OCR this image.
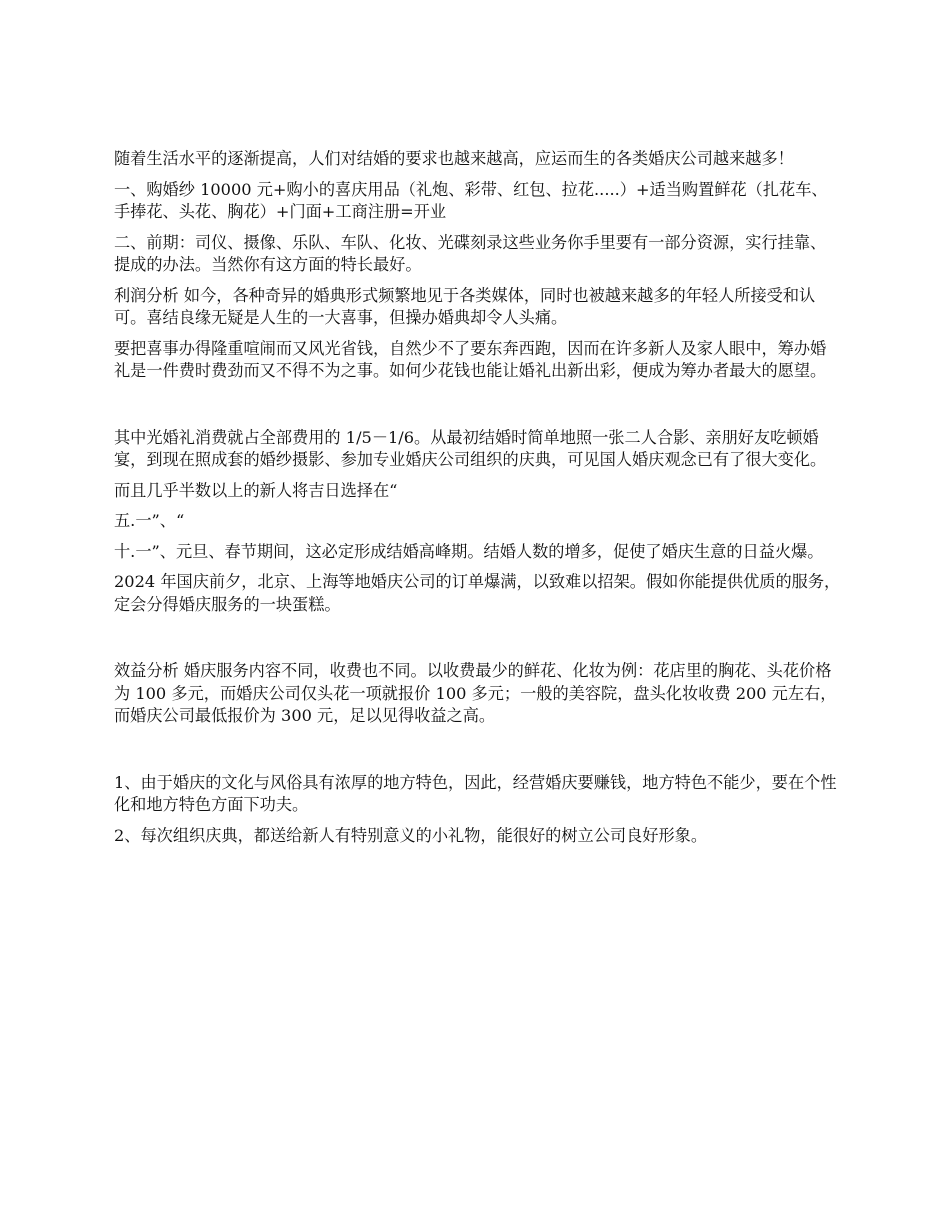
随着生活水平的逐渐提高，人们对结婚的要求也越来越高，应运而生的各类婚庆公司越来越多！

一、购婚纱 10000 元+购小的喜庆用品（礼炮、彩带、红包、拉花.....）+适当购置鲜花（扎花车、手捧花、头花、胸花）+门面+工商注册=开业

二、前期：司仪、摄像、乐队、车队、化妆、光碟刻录这些业务你手里要有一部分资源，实行挂靠、提成的办法。当然你有这方面的特长最好。

利润分析 如今，各种奇异的婚典形式频繁地见于各类媒体，同时也被越来越多的年轻人所接受和认可。喜结良缘无疑是人生的一大喜事，但操办婚典却令人头痛。

要把喜事办得隆重喧闹而又风光省钱，自然少不了要东奔西跑，因而在许多新人及家人眼中，筹办婚礼是一件费时费劲而又不得不为之事。如何少花钱也能让婚礼出新出彩，便成为筹办者最大的愿望。

其中光婚礼消费就占全部费用的 1/5－1/6。从最初结婚时简单地照一张二人合影、亲朋好友吃顿婚宴，到现在照成套的婚纱摄影、参加专业婚庆公司组织的庆典，可见国人婚庆观念已有了很大变化。

而且几乎半数以上的新人将吉日选择在“

五.一”、“

十.一”、元旦、春节期间，这必定形成结婚高峰期。结婚人数的增多，促使了婚庆生意的日益火爆。

2024 年国庆前夕，北京、上海等地婚庆公司的订单爆满，以致难以招架。假如你能提供优质的服务，定会分得婚庆服务的一块蛋糕。

效益分析 婚庆服务内容不同，收费也不同。以收费最少的鲜花、化妆为例：花店里的胸花、头花价格为 100 多元，而婚庆公司仅头花一项就报价 100 多元；一般的美容院，盘头化妆收费 200 元左右，而婚庆公司最低报价为 300 元，足以见得收益之高。

1、由于婚庆的文化与风俗具有浓厚的地方特色，因此，经营婚庆要赚钱，地方特色不能少，要在个性化和地方特色方面下功夫。

2、每次组织庆典，都送给新人有特别意义的小礼物，能很好的树立公司良好形象。
